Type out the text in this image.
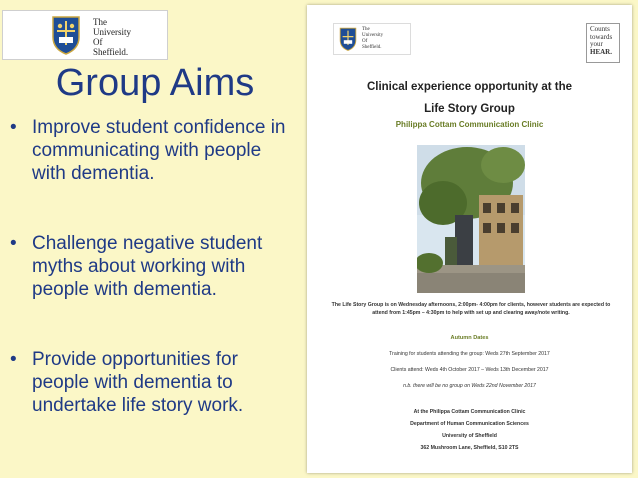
The
University
Of
Sheffield.
Group Aims
• Improve student confidence in communicating with people with dementia.
• Challenge negative student myths about working with people with dementia.
• Provide opportunities for people with dementia to undertake life story work.
The
University
Of
Sheffield.
Counts
towards
your
HEAR.
Clinical experience opportunity at the
Life Story Group
Philippa Cottam Communication Clinic
The Life Story Group is on Wednesday afternoons, 2:00pm- 4:00pm for clients, however students are expected to attend from 1:45pm – 4:30pm to help with set up and clearing away/note writing.
Autumn Dates
Training for students attending the group: Weds 27th September 2017
Clients attend: Weds 4th October 2017 – Weds 13th December 2017
n.b. there will be no group on Weds 22nd November 2017
At the Philippa Cottam Communication Clinic
Department of Human Communication Sciences
University of Sheffield
362 Mushroom Lane, Sheffield, S10 2TS
